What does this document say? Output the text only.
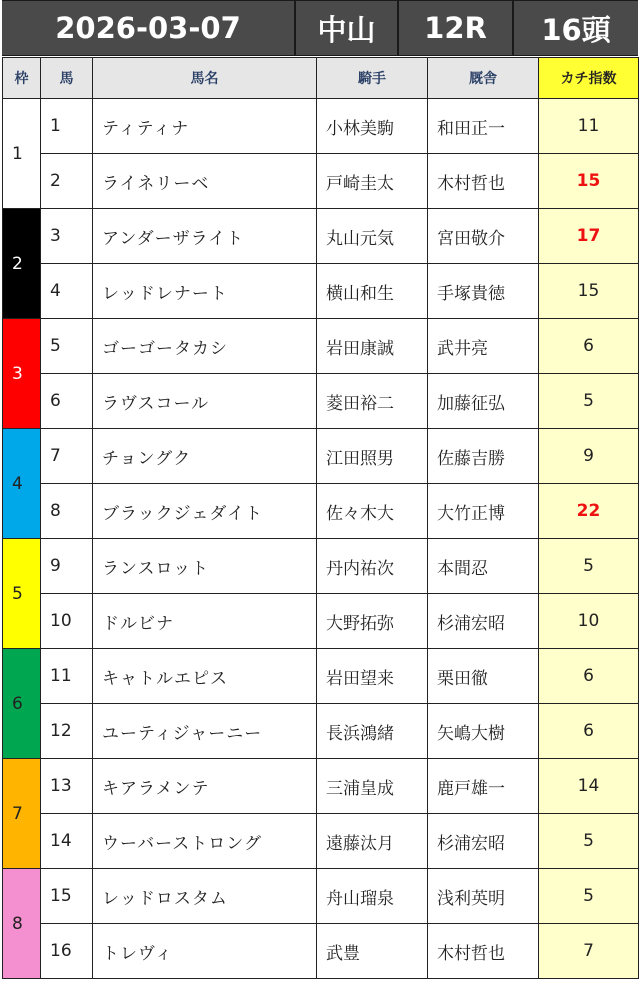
2026-03-07	中山	12R	16頭
枠	馬	馬名	騎手	厩舎	カチ指数
1	1	ティティナ	小林美駒	和田正一	11
	2	ライネリーベ	戸崎圭太	木村哲也	15
2	3	アンダーザライト	丸山元気	宮田敬介	17
	4	レッドレナート	横山和生	手塚貴徳	15
3	5	ゴーゴータカシ	岩田康誠	武井亮	6
	6	ラヴスコール	菱田裕二	加藤征弘	5
4	7	チョングク	江田照男	佐藤吉勝	9
	8	ブラックジェダイト	佐々木大	大竹正博	22
5	9	ランスロット	丹内祐次	本間忍	5
	10	ドルビナ	大野拓弥	杉浦宏昭	10
6	11	キャトルエピス	岩田望来	栗田徹	6
	12	ユーティジャーニー	長浜鴻緒	矢嶋大樹	6
7	13	キアラメンテ	三浦皇成	鹿戸雄一	14
	14	ウーバーストロング	遠藤汰月	杉浦宏昭	5
8	15	レッドロスタム	舟山瑠泉	浅利英明	5
	16	トレヴィ	武豊	木村哲也	7
